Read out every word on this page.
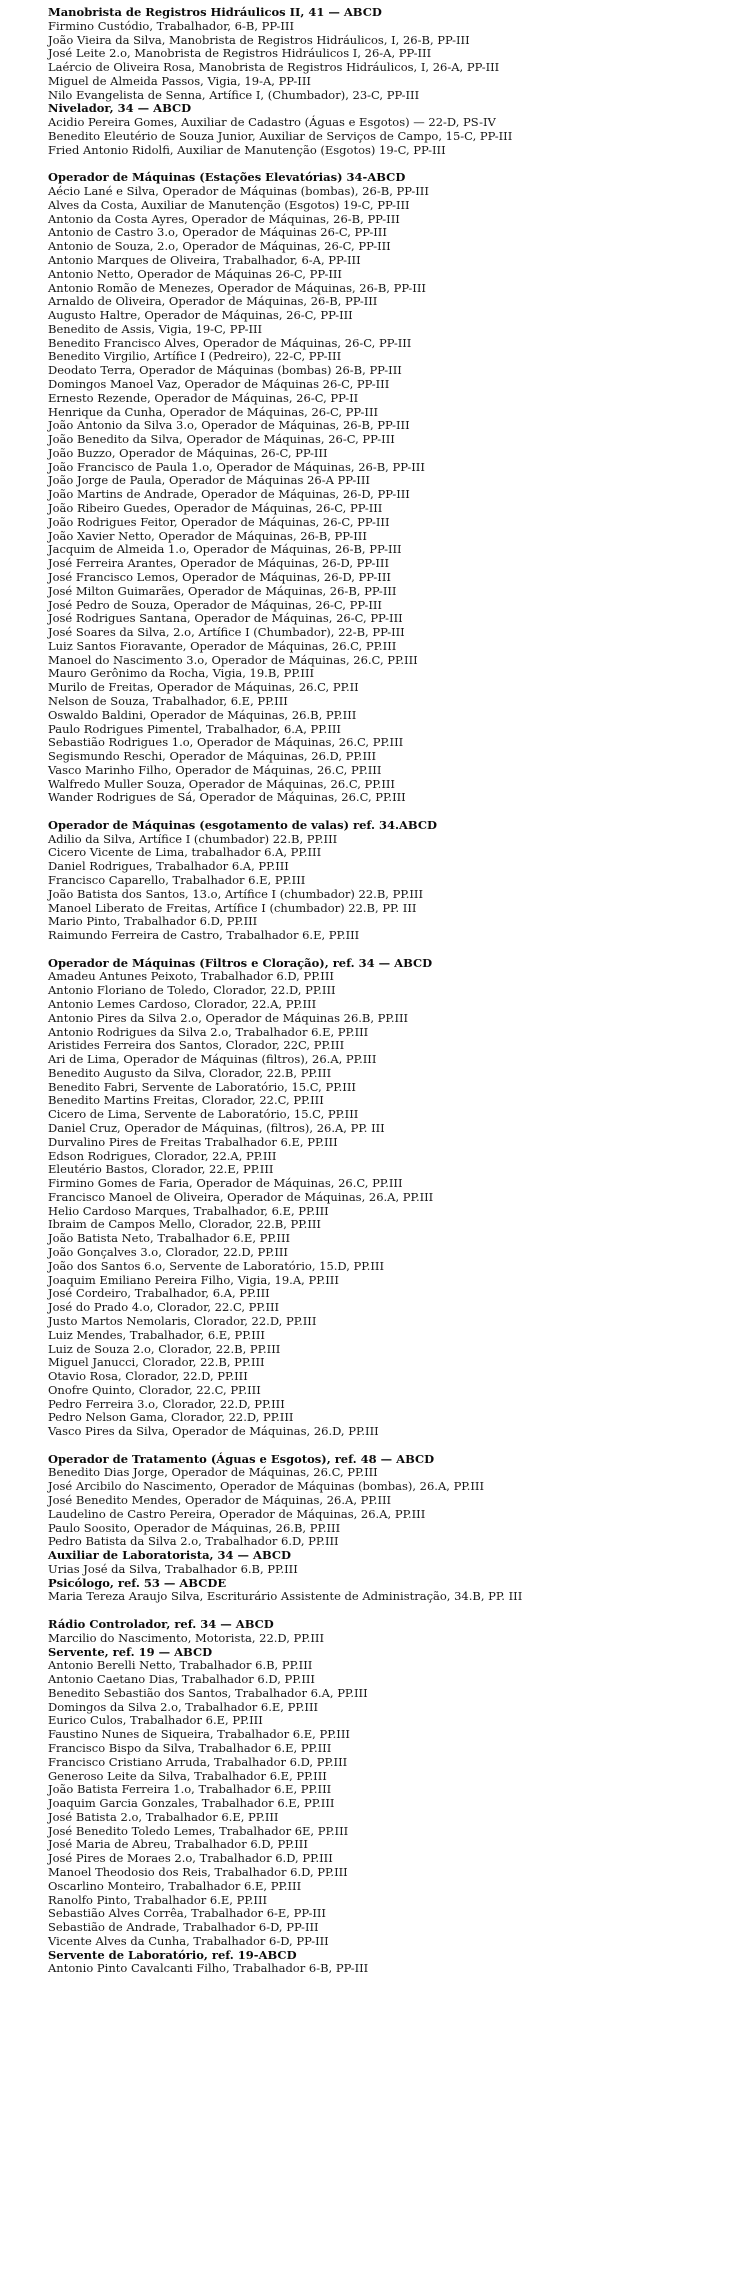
Manobrista de Registros Hidráulicos II, 41 — ABCD
Firmino Custódio, Trabalhador, 6-B, PP-III
João Vieira da Silva, Manobrista de Registros Hidráulicos, I, 26-B, PP-III
José Leite 2.o, Manobrista de Registros Hidráulicos I, 26-A, PP-III
Laércio de Oliveira Rosa, Manobrista de Registros Hidráulicos, I, 26-A, PP-III
Miguel de Almeida Passos, Vigia, 19-A, PP-III
Nilo Evangelista de Senna, Artífice I, (Chumbador), 23-C, PP-III
Nivelador, 34 — ABCD
Acidio Pereira Gomes, Auxiliar de Cadastro (Águas e Esgotos) — 22-D, PS-IV
Benedito Eleutério de Souza Junior, Auxiliar de Serviços de Campo, 15-C, PP-III
Fried Antonio Ridolfi, Auxiliar de Manutenção (Esgotos) 19-C, PP-III
Operador de Máquinas (Estações Elevatórias) 34-ABCD
Aécio Lané e Silva, Operador de Máquinas (bombas), 26-B, PP-III
Alves da Costa, Auxiliar de Manutenção (Esgotos) 19-C, PP-III
Antonio da Costa Ayres, Operador de Máquinas, 26-B, PP-III
Antonio de Castro 3.o, Operador de Máquinas 26-C, PP-III
Antonio de Souza, 2.o, Operador de Máquinas, 26-C, PP-III
Antonio Marques de Oliveira, Trabalhador, 6-A, PP-III
Antonio Netto, Operador de Máquinas 26-C, PP-III
Antonio Romão de Menezes, Operador de Máquinas, 26-B, PP-III
Arnaldo de Oliveira, Operador de Máquinas, 26-B, PP-III
Augusto Haltre, Operador de Máquinas, 26-C, PP-III
Benedito de Assis, Vigia, 19-C, PP-III
Benedito Francisco Alves, Operador de Máquinas, 26-C, PP-III
Benedito Virgilio, Artífice I (Pedreiro), 22-C, PP-III
Deodato Terra, Operador de Máquinas (bombas) 26-B, PP-III
Domingos Manoel Vaz, Operador de Máquinas 26-C, PP-III
Ernesto Rezende, Operador de Máquinas, 26-C, PP-II
Henrique da Cunha, Operador de Máquinas, 26-C, PP-III
João Antonio da Silva 3.o, Operador de Máquinas, 26-B, PP-III
João Benedito da Silva, Operador de Máquinas, 26-C, PP-III
João Buzzo, Operador de Máquinas, 26-C, PP-III
João Francisco de Paula 1.o, Operador de Máquinas, 26-B, PP-III
João Jorge de Paula, Operador de Máquinas 26-A PP-III
João Martins de Andrade, Operador de Máquinas, 26-D, PP-III
João Ribeiro Guedes, Operador de Máquinas, 26-C, PP-III
João Rodrigues Feitor, Operador de Máquinas, 26-C, PP-III
João Xavier Netto, Operador de Máquinas, 26-B, PP-III
Jacquim de Almeida 1.o, Operador de Máquinas, 26-B, PP-III
José Ferreira Arantes, Operador de Máquinas, 26-D, PP-III
José Francisco Lemos, Operador de Máquinas, 26-D, PP-III
José Milton Guimarães, Operador de Máquinas, 26-B, PP-III
José Pedro de Souza, Operador de Máquinas, 26-C, PP-III
José Rodrigues Santana, Operador de Máquinas, 26-C, PP-III
José Soares da Silva, 2.o, Artífice I (Chumbador), 22-B, PP-III
Luiz Santos Fioravante, Operador de Máquinas, 26.C, PP.III
Manoel do Nascimento 3.o, Operador de Máquinas, 26.C, PP.III
Mauro Gerônimo da Rocha, Vigia, 19.B, PP.III
Murilo de Freitas, Operador de Máquinas, 26.C, PP.II
Nelson de Souza, Trabalhador, 6.E, PP.III
Oswaldo Baldini, Operador de Máquinas, 26.B, PP.III
Paulo Rodrigues Pimentel, Trabalhador, 6.A, PP.III
Sebastião Rodrigues 1.o, Operador de Máquinas, 26.C, PP.III
Segismundo Reschi, Operador de Máquinas, 26.D, PP.III
Vasco Marinho Filho, Operador de Máquinas, 26.C, PP.III
Walfredo Muller Souza, Operador de Máquinas, 26.C, PP.III
Wander Rodrigues de Sá, Operador de Máquinas, 26.C, PP.III
Operador de Máquinas (esgotamento de valas) ref. 34.ABCD
Adilio da Silva, Artífice I (chumbador) 22.B, PP.III
Cicero Vicente de Lima, trabalhador 6.A, PP.III
Daniel Rodrigues, Trabalhador 6.A, PP.III
Francisco Caparello, Trabalhador 6.E, PP.III
João Batista dos Santos, 13.o, Artífice I (chumbador) 22.B, PP.III
Manoel Liberato de Freitas, Artífice I (chumbador) 22.B, PP. III
Mario Pinto, Trabalhador 6.D, PP.III
Raimundo Ferreira de Castro, Trabalhador 6.E, PP.III
Operador de Máquinas (Filtros e Cloração), ref. 34 — ABCD
Amadeu Antunes Peixoto, Trabalhador 6.D, PP.III
Antonio Floriano de Toledo, Clorador, 22.D, PP.III
Antonio Lemes Cardoso, Clorador, 22.A, PP.III
Antonio Pires da Silva 2.o, Operador de Máquinas 26.B, PP.III
Antonio Rodrigues da Silva 2.o, Trabalhador 6.E, PP.III
Aristides Ferreira dos Santos, Clorador, 22C, PP.III
Ari de Lima, Operador de Máquinas (filtros), 26.A, PP.III
Benedito Augusto da Silva, Clorador, 22.B, PP.III
Benedito Fabri, Servente de Laboratório, 15.C, PP.III
Benedito Martins Freitas, Clorador, 22.C, PP.III
Cicero de Lima, Servente de Laboratório, 15.C, PP.III
Daniel Cruz, Operador de Máquinas, (filtros), 26.A, PP. III
Durvalino Pires de Freitas Trabalhador 6.E, PP.III
Edson Rodrigues, Clorador, 22.A, PP.III
Eleutério Bastos, Clorador, 22.E, PP.III
Firmino Gomes de Faria, Operador de Máquinas, 26.C, PP.III
Francisco Manoel de Oliveira, Operador de Máquinas, 26.A, PP.III
Helio Cardoso Marques, Trabalhador, 6.E, PP.III
Ibraim de Campos Mello, Clorador, 22.B, PP.III
João Batista Neto, Trabalhador 6.E, PP.III
João Gonçalves 3.o, Clorador, 22.D, PP.III
João dos Santos 6.o, Servente de Laboratório, 15.D, PP.III
Joaquim Emiliano Pereira Filho, Vigia, 19.A, PP.III
José Cordeiro, Trabalhador, 6.A, PP.III
José do Prado 4.o, Clorador, 22.C, PP.III
Justo Martos Nemolaris, Clorador, 22.D, PP.III
Luiz Mendes, Trabalhador, 6.E, PP.III
Luiz de Souza 2.o, Clorador, 22.B, PP.III
Miguel Janucci, Clorador, 22.B, PP.III
Otavio Rosa, Clorador, 22.D, PP.III
Onofre Quinto, Clorador, 22.C, PP.III
Pedro Ferreira 3.o, Clorador, 22.D, PP.III
Pedro Nelson Gama, Clorador, 22.D, PP.III
Vasco Pires da Silva, Operador de Máquinas, 26.D, PP.III
Operador de Tratamento (Águas e Esgotos), ref. 48 — ABCD
Benedito Dias Jorge, Operador de Máquinas, 26.C, PP.III
José Arcibilo do Nascimento, Operador de Máquinas (bombas), 26.A, PP.III
José Benedito Mendes, Operador de Máquinas, 26.A, PP.III
Laudelino de Castro Pereira, Operador de Máquinas, 26.A, PP.III
Paulo Soosito, Operador de Máquinas, 26.B, PP.III
Pedro Batista da Silva 2.o, Trabalhador 6.D, PP.III
Auxiliar de Laboratorista, 34 — ABCD
Urias José da Silva, Trabalhador 6.B, PP.III
Psicólogo, ref. 53 — ABCDE
Maria Tereza Araujo Silva, Escriturário Assistente de Administração, 34.B, PP. III
Rádio Controlador, ref. 34 — ABCD
Marcilio do Nascimento, Motorista, 22.D, PP.III
Servente, ref. 19 — ABCD
Antonio Berelli Netto, Trabalhador 6.B, PP.III
Antonio Caetano Dias, Trabalhador 6.D, PP.III
Benedito Sebastião dos Santos, Trabalhador 6.A, PP.III
Domingos da Silva 2.o, Trabalhador 6.E, PP.III
Eurico Culos, Trabalhador 6.E, PP.III
Faustino Nunes de Siqueira, Trabalhador 6.E, PP.III
Francisco Bispo da Silva, Trabalhador 6.E, PP.III
Francisco Cristiano Arruda, Trabalhador 6.D, PP.III
Generoso Leite da Silva, Trabalhador 6.E, PP.III
João Batista Ferreira 1.o, Trabalhador 6.E, PP.III
Joaquim Garcia Gonzales, Trabalhador 6.E, PP.III
José Batista 2.o, Trabalhador 6.E, PP.III
José Benedito Toledo Lemes, Trabalhador 6E, PP.III
José Maria de Abreu, Trabalhador 6.D, PP.III
José Pires de Moraes 2.o, Trabalhador 6.D, PP.III
Manoel Theodosio dos Reis, Trabalhador 6.D, PP.III
Oscarlino Monteiro, Trabalhador 6.E, PP.III
Ranolfo Pinto, Trabalhador 6.E, PP.III
Sebastião Alves Corrêa, Trabalhador 6-E, PP-III
Sebastião de Andrade, Trabalhador 6-D, PP-III
Vicente Alves da Cunha, Trabalhador 6-D, PP-III
Servente de Laboratório, ref. 19-ABCD
Antonio Pinto Cavalcanti Filho, Trabalhador 6-B, PP-III
